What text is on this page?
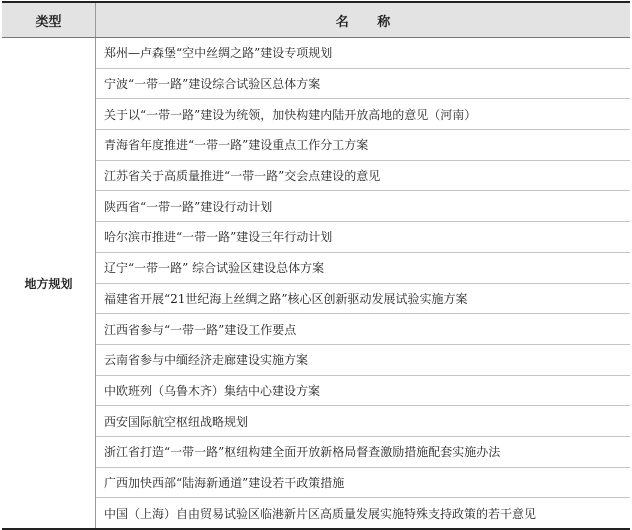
类型	名 称
地方规划	郑州—卢森堡“空中丝绸之路”建设专项规划
	宁波“一带一路”建设综合试验区总体方案
	关于以“一带一路”建设为统领，加快构建内陆开放高地的意见（河南）
	青海省年度推进“一带一路”建设重点工作分工方案
	江苏省关于高质量推进“一带一路”交会点建设的意见
	陕西省“一带一路”建设行动计划
	哈尔滨市推进“一带一路”建设三年行动计划
	辽宁“一带一路” 综合试验区建设总体方案
	福建省开展“21世纪海上丝绸之路”核心区创新驱动发展试验实施方案
	江西省参与“一带一路”建设工作要点
	云南省参与中缅经济走廊建设实施方案
	中欧班列（乌鲁木齐）集结中心建设方案
	西安国际航空枢纽战略规划
	浙江省打造“一带一路”枢纽构建全面开放新格局督查激励措施配套实施办法
	广西加快西部“陆海新通道”建设若干政策措施
	中国（上海）自由贸易试验区临港新片区高质量发展实施特殊支持政策的若干意见
